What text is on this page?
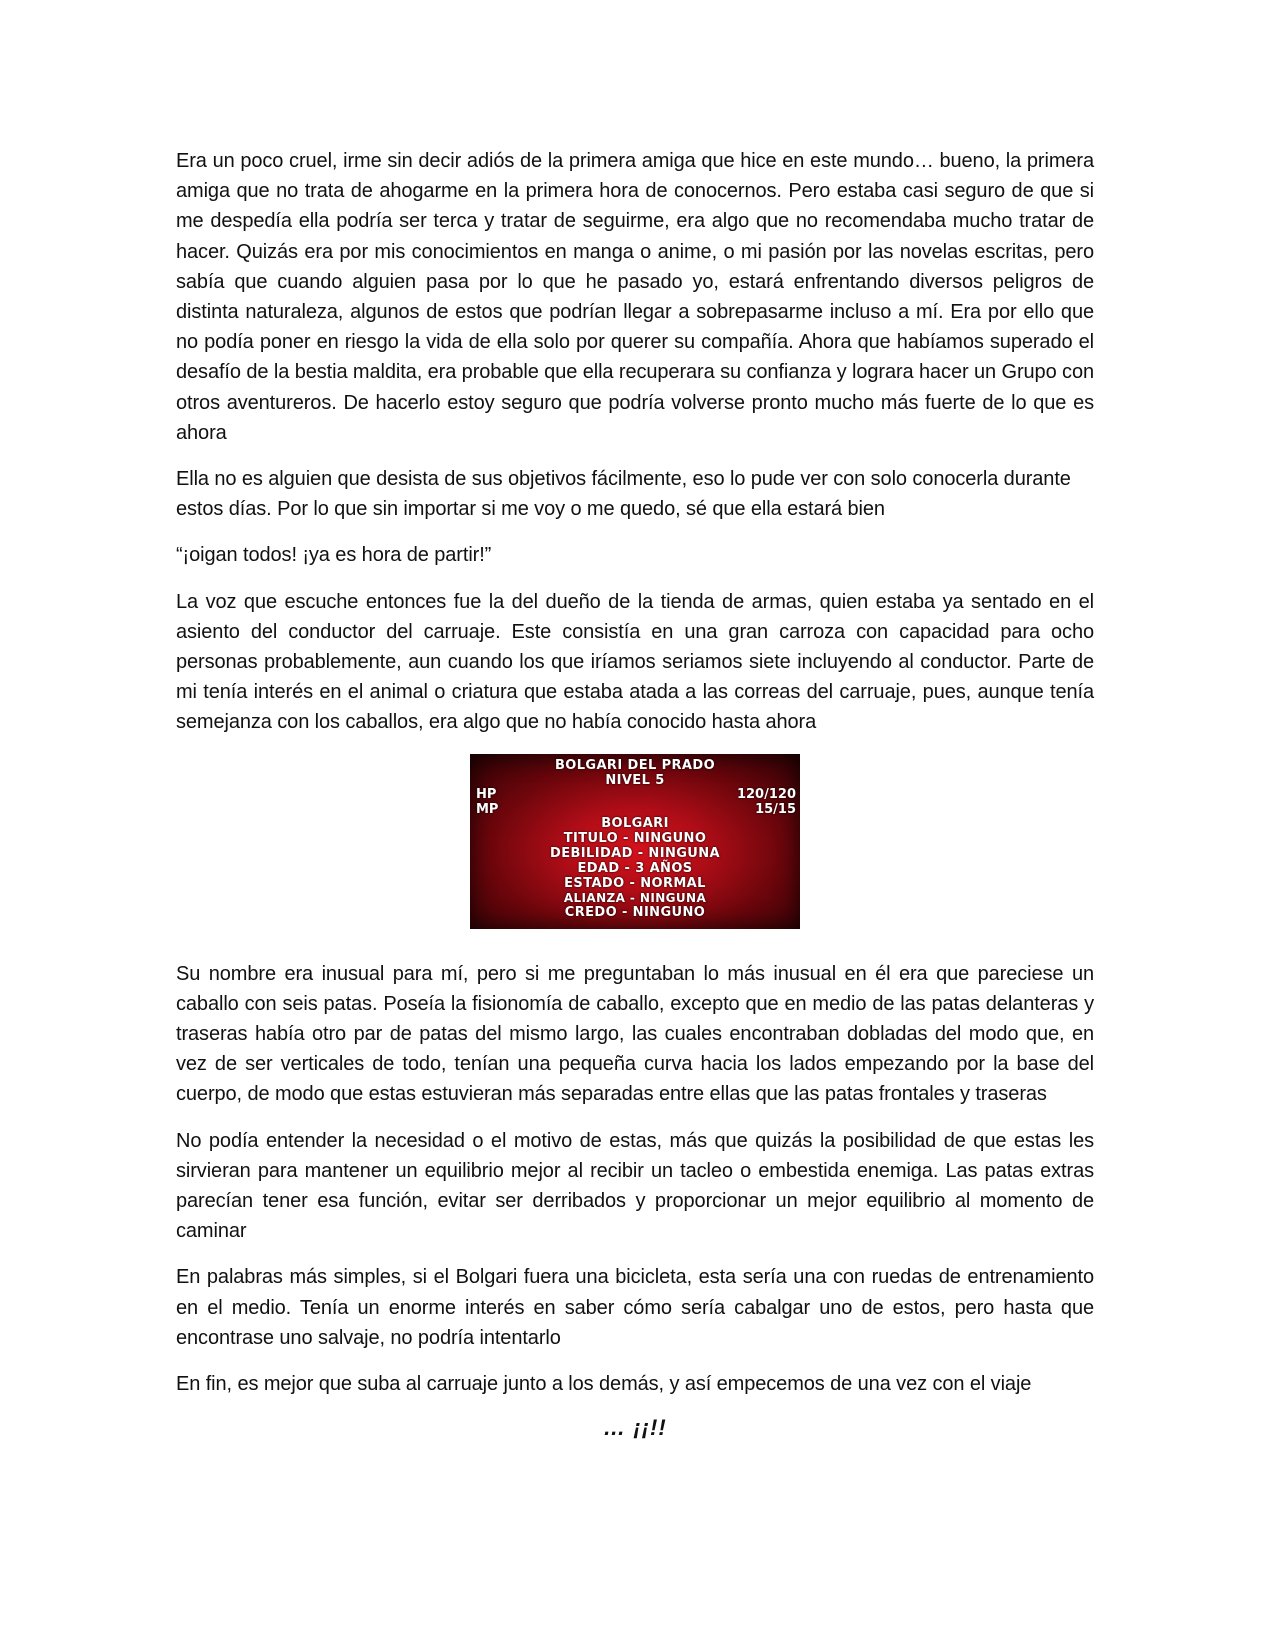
Era un poco cruel, irme sin decir adiós de la primera amiga que hice en este mundo… bueno, la primera amiga que no trata de ahogarme en la primera hora de conocernos. Pero estaba casi seguro de que si me despedía ella podría ser terca y tratar de seguirme, era algo que no recomendaba mucho tratar de hacer. Quizás era por mis conocimientos en manga o anime, o mi pasión por las novelas escritas, pero sabía que cuando alguien pasa por lo que he pasado yo, estará enfrentando diversos peligros de distinta naturaleza, algunos de estos que podrían llegar a sobrepasarme incluso a mí. Era por ello que no podía poner en riesgo la vida de ella solo por querer su compañía. Ahora que habíamos superado el desafío de la bestia maldita, era probable que ella recuperara su confianza y lograra hacer un Grupo con otros aventureros. De hacerlo estoy seguro que podría volverse pronto mucho más fuerte de lo que es ahora

Ella no es alguien que desista de sus objetivos fácilmente, eso lo pude ver con solo conocerla durante estos días. Por lo que sin importar si me voy o me quedo, sé que ella estará bien

“¡oigan todos! ¡ya es hora de partir!”

La voz que escuche entonces fue la del dueño de la tienda de armas, quien estaba ya sentado en el asiento del conductor del carruaje. Este consistía en una gran carroza con capacidad para ocho personas probablemente, aun cuando los que iríamos seriamos siete incluyendo al conductor. Parte de mi tenía interés en el animal o criatura que estaba atada a las correas del carruaje, pues, aunque tenía semejanza con los caballos, era algo que no había conocido hasta ahora

BOLGARI DEL PRADO
NIVEL 5
HP	120/120
MP	15/15
BOLGARI
TITULO - NINGUNO
DEBILIDAD - NINGUNA
EDAD - 3 AÑOS
ESTADO - NORMAL
ALIANZA - NINGUNA
CREDO - NINGUNO

Su nombre era inusual para mí, pero si me preguntaban lo más inusual en él era que pareciese un caballo con seis patas. Poseía la fisionomía de caballo, excepto que en medio de las patas delanteras y traseras había otro par de patas del mismo largo, las cuales encontraban dobladas del modo que, en vez de ser verticales de todo, tenían una pequeña curva hacia los lados empezando por la base del cuerpo, de modo que estas estuvieran más separadas entre ellas que las patas frontales y traseras

No podía entender la necesidad o el motivo de estas, más que quizás la posibilidad de que estas les sirvieran para mantener un equilibrio mejor al recibir un tacleo o embestida enemiga. Las patas extras parecían tener esa función, evitar ser derribados y proporcionar un mejor equilibrio al momento de caminar

En palabras más simples, si el Bolgari fuera una bicicleta, esta sería una con ruedas de entrenamiento en el medio. Tenía un enorme interés en saber cómo sería cabalgar uno de estos, pero hasta que encontrase uno salvaje, no podría intentarlo

En fin, es mejor que suba al carruaje junto a los demás, y así empecemos de una vez con el viaje

… ¡¡!!
